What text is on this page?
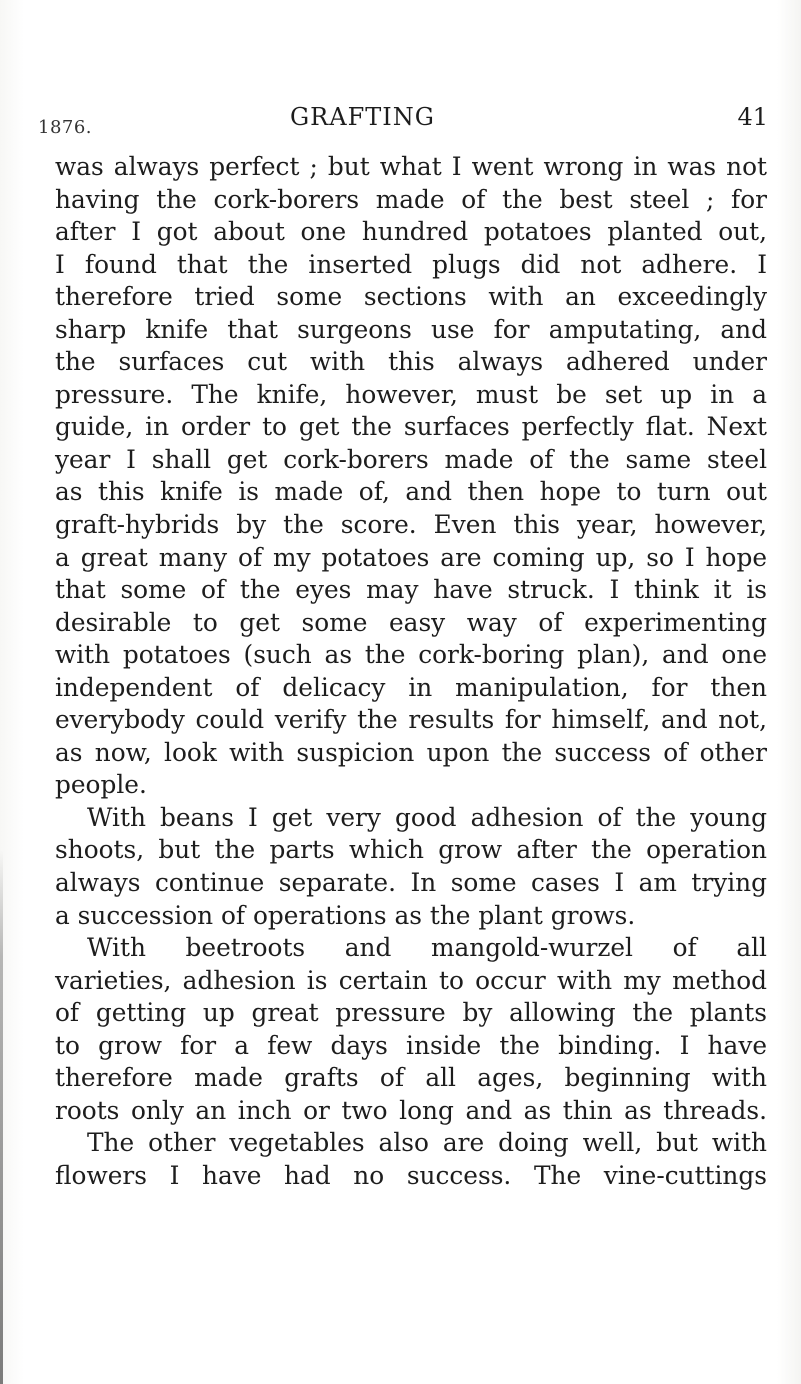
1876.	GRAFTING	41
was always perfect ; but what I went wrong in was not
having the cork-borers made of the best steel ; for
after I got about one hundred potatoes planted out,
I found that the inserted plugs did not adhere. I
therefore tried some sections with an exceedingly
sharp knife that surgeons use for amputating, and
the surfaces cut with this always adhered under
pressure. The knife, however, must be set up in a
guide, in order to get the surfaces perfectly flat. Next
year I shall get cork-borers made of the same steel
as this knife is made of, and then hope to turn out
graft-hybrids by the score. Even this year, however,
a great many of my potatoes are coming up, so I hope
that some of the eyes may have struck. I think it is
desirable to get some easy way of experimenting
with potatoes (such as the cork-boring plan), and one
independent of delicacy in manipulation, for then
everybody could verify the results for himself, and not,
as now, look with suspicion upon the success of other
people.
With beans I get very good adhesion of the young
shoots, but the parts which grow after the operation
always continue separate. In some cases I am trying
a succession of operations as the plant grows.
With beetroots and mangold-wurzel of all
varieties, adhesion is certain to occur with my method
of getting up great pressure by allowing the plants
to grow for a few days inside the binding. I have
therefore made grafts of all ages, beginning with
roots only an inch or two long and as thin as threads.
The other vegetables also are doing well, but with
flowers I have had no success. The vine-cuttings
